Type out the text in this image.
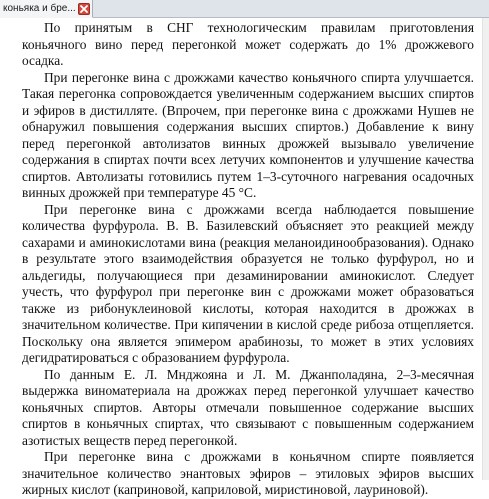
коньяка и бре...

По принятым в СНГ технологическим правилам приготовления коньячного вино перед перегонкой может содержать до 1% дрожжевого осадка.

При перегонке вина с дрожжами качество коньячного спирта улучшается. Такая перегонка сопровождается увеличенным содержанием высших спиртов и эфиров в дистилляте. (Впрочем, при перегонке вина с дрожжами Нушев не обнаружил повышения содержания высших спиртов.) Добавление к вину перед перегонкой автолизатов винных дрожжей вызывало увеличение содержания в спиртах почти всех летучих компонентов и улучшение качества спиртов. Автолизаты готовились путем 1–3-суточного нагревания осадочных винных дрожжей при температуре 45 °С.

При перегонке вина с дрожжами всегда наблюдается повышение количества фурфурола. В. В. Базилевский объясняет это реакцией между сахарами и аминокислотами вина (реакция меланоидинообразования). Однако в результате этого взаимодействия образуется не только фурфурол, но и альдегиды, получающиеся при дезаминировании аминокислот. Следует учесть, что фурфурол при перегонке вин с дрожжами может образоваться также из рибонуклеиновой кислоты, которая находится в дрожжах в значительном количестве. При кипячении в кислой среде рибоза отщепляется. Поскольку она является эпимером арабинозы, то может в этих условиях дегидратироваться с образованием фурфурола.

По данным Е. Л. Мнджояна и Л. М. Джанполадяна, 2–3-месячная выдержка виноматериала на дрожжах перед перегонкой улучшает качество коньячных спиртов. Авторы отмечали повышенное содержание высших спиртов в коньячных спиртах, что связывают с повышенным содержанием азотистых веществ перед перегонкой.

При перегонке вина с дрожжами в коньячном спирте появляется значительное количество энантовых эфиров – этиловых эфиров высших жирных кислот (каприновой, каприловой, миристиновой, лауриновой).
